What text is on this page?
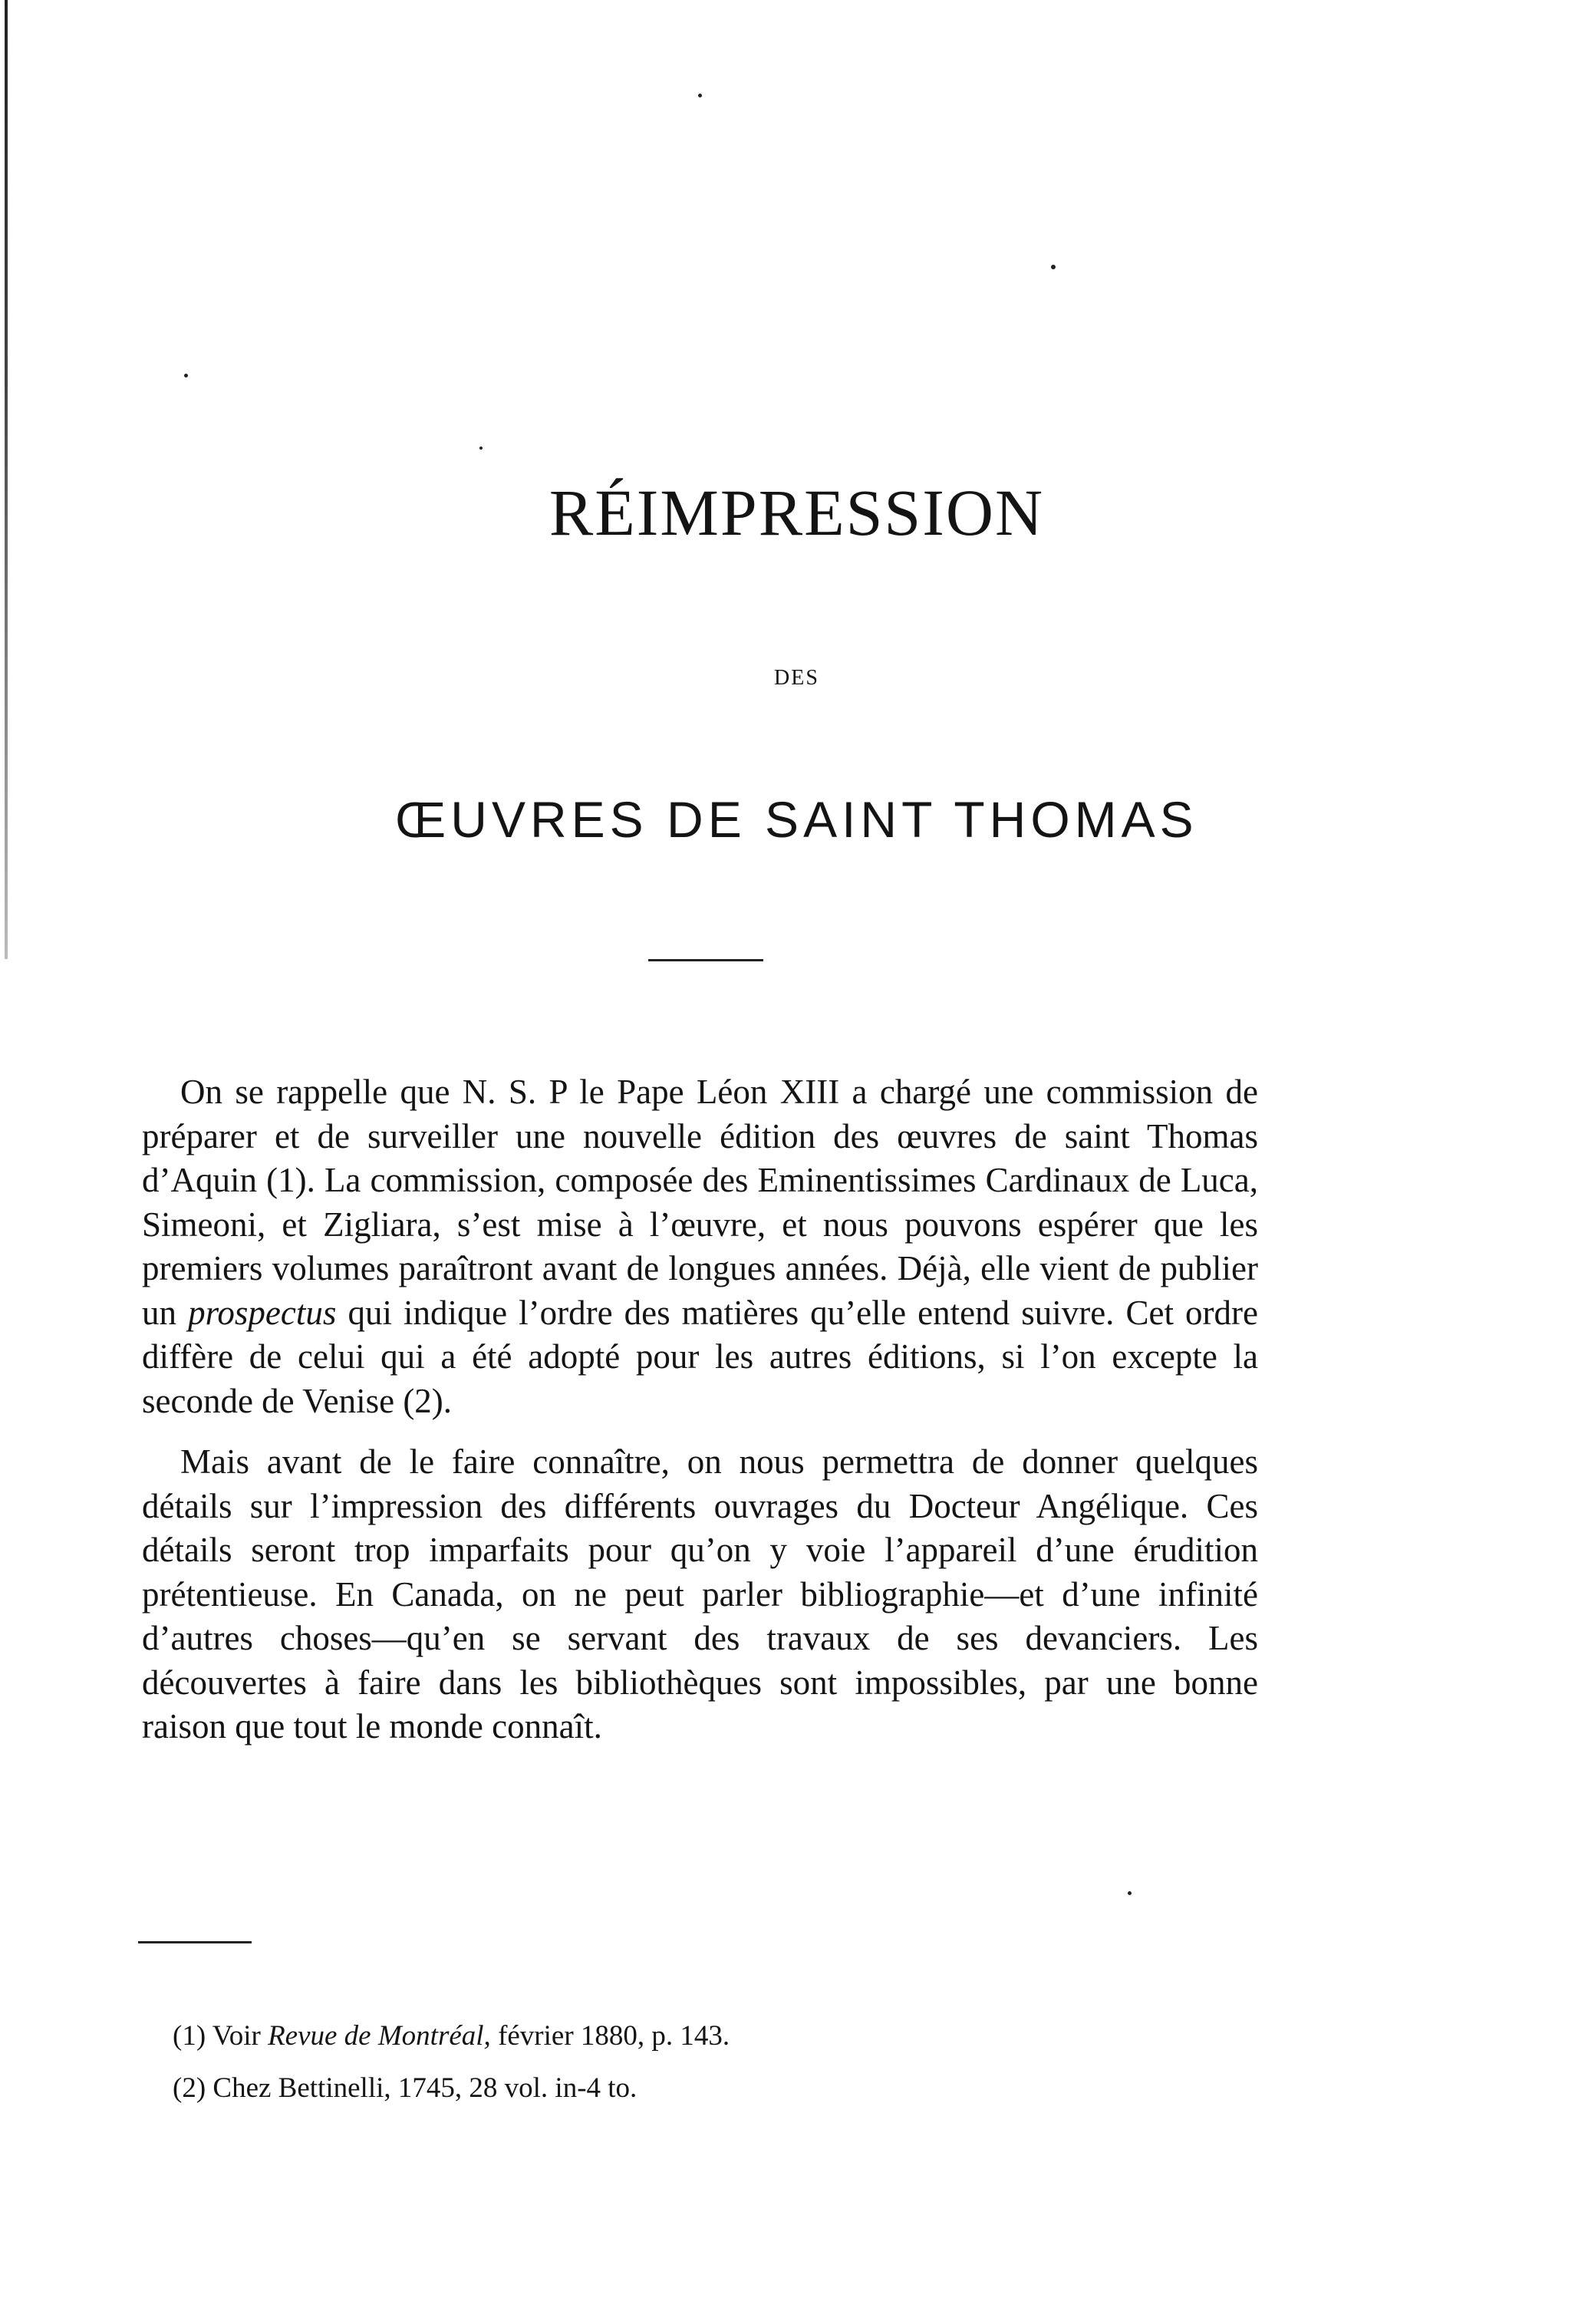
RÉIMPRESSION
DES
ŒUVRES DE SAINT THOMAS

On se rappelle que N. S. P le Pape Léon XIII a chargé une commission de préparer et de surveiller une nouvelle édition des œuvres de saint Thomas d’Aquin (1). La commission, composée des Eminentissimes Cardinaux de Luca, Simeoni, et Zigliara, s’est mise à l’œuvre, et nous pouvons espérer que les premiers volumes paraîtront avant de longues années. Déjà, elle vient de publier un prospectus qui indique l’ordre des matières qu’elle entend suivre. Cet ordre diffère de celui qui a été adopté pour les autres éditions, si l’on excepte la seconde de Venise (2).

Mais avant de le faire connaître, on nous permettra de donner quelques détails sur l’impression des différents ouvrages du Docteur Angélique. Ces détails seront trop imparfaits pour qu’on y voie l’appareil d’une érudition prétentieuse. En Canada, on ne peut parler bibliographie—et d’une infinité d’autres choses—qu’en se servant des travaux de ses devanciers. Les découvertes à faire dans les bibliothèques sont impossibles, par une bonne raison que tout le monde connaît.

(1) Voir Revue de Montréal, février 1880, p. 143.
(2) Chez Bettinelli, 1745, 28 vol. in-4 to.
